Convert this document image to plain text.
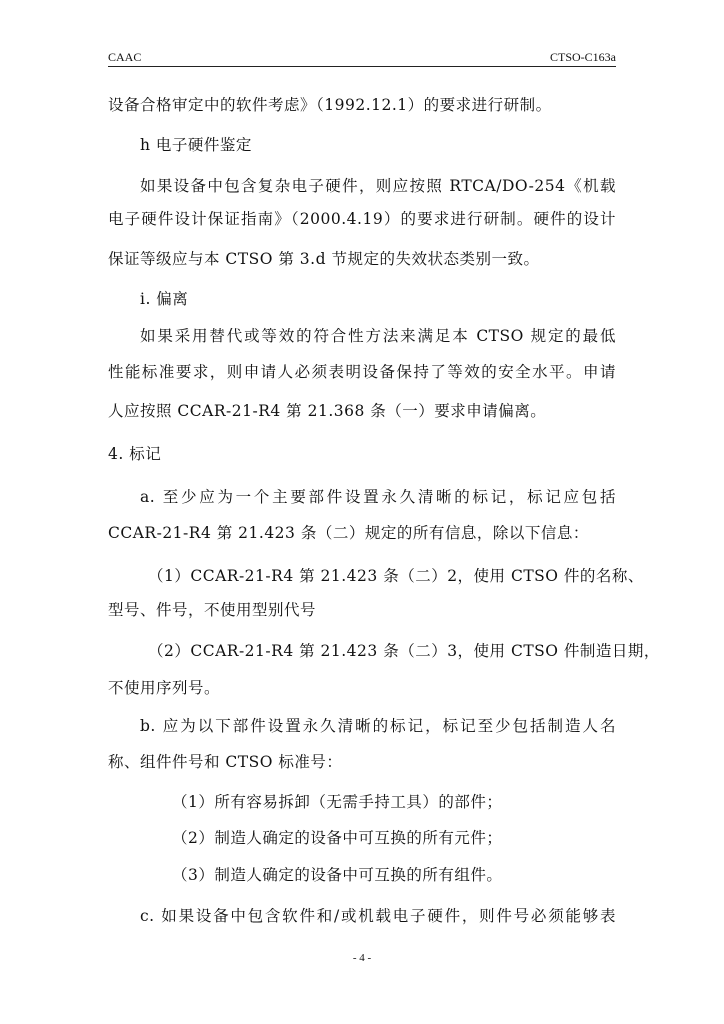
CAAC	CTSO-C163a
设备合格审定中的软件考虑》（1992.12.1）的要求进行研制。
h 电子硬件鉴定
如果设备中包含复杂电子硬件，则应按照 RTCA/DO-254《机载
电子硬件设计保证指南》（2000.4.19）的要求进行研制。硬件的设计
保证等级应与本 CTSO 第 3.d 节规定的失效状态类别一致。
i. 偏离
如果采用替代或等效的符合性方法来满足本 CTSO 规定的最低
性能标准要求，则申请人必须表明设备保持了等效的安全水平。申请
人应按照 CCAR-21-R4 第 21.368 条（一）要求申请偏离。
4. 标记
a. 至少应为一个主要部件设置永久清晰的标记，标记应包括
CCAR-21-R4 第 21.423 条（二）规定的所有信息，除以下信息：
（1）CCAR-21-R4 第 21.423 条（二）2，使用 CTSO 件的名称、
型号、件号，不使用型别代号
（2）CCAR-21-R4 第 21.423 条（二）3，使用 CTSO 件制造日期，
不使用序列号。
b. 应为以下部件设置永久清晰的标记，标记至少包括制造人名
称、组件件号和 CTSO 标准号：
（1）所有容易拆卸（无需手持工具）的部件；
（2）制造人确定的设备中可互换的所有元件；
（3）制造人确定的设备中可互换的所有组件。
c. 如果设备中包含软件和/或机载电子硬件，则件号必须能够表
- 4 -
